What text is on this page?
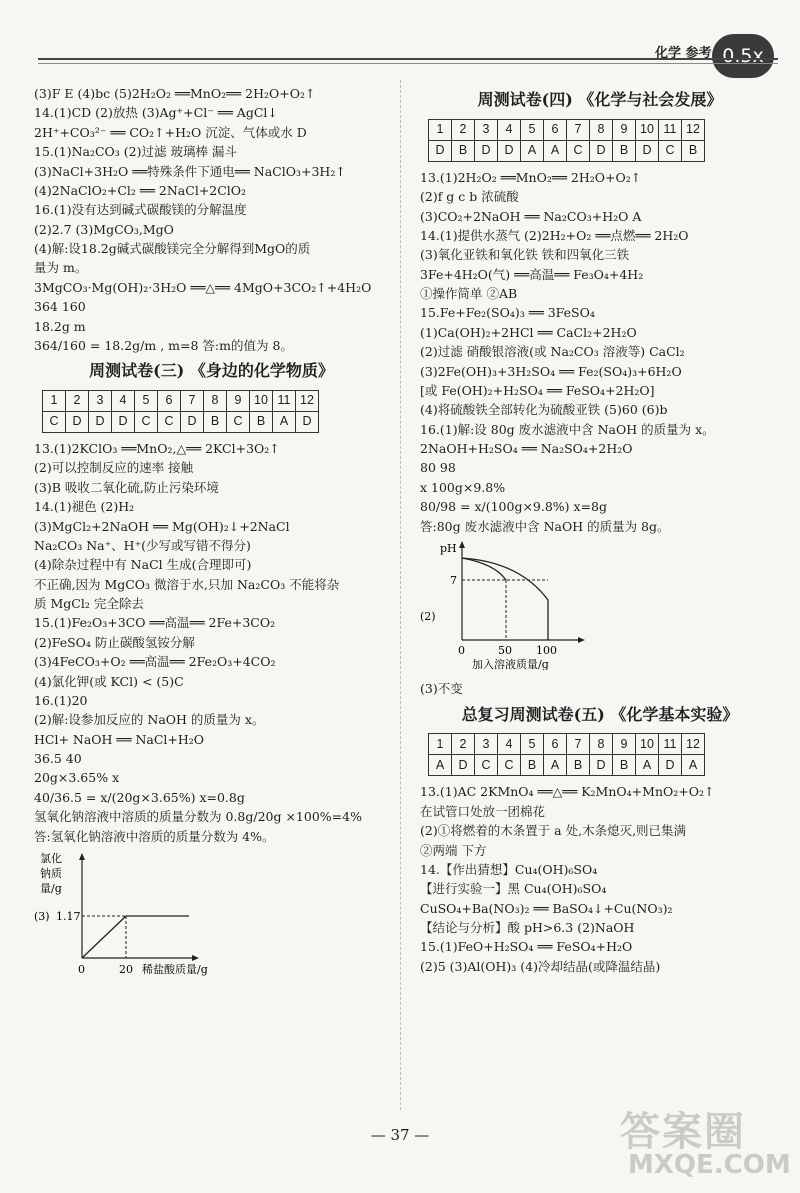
化学 参考 0.5x
(3)F E (4)bc (5)2H₂O₂ ══MnO₂══ 2H₂O+O₂↑
14.(1)CD (2)放热 (3)Ag⁺+Cl⁻ ══ AgCl↓
2H⁺+CO₃²⁻ ══ CO₂↑+H₂O 沉淀、气体或水 D
15.(1)Na₂CO₃ (2)过滤 玻璃棒 漏斗
(3)NaCl+3H₂O ══特殊条件下通电══ NaClO₃+3H₂↑
(4)2NaClO₂+Cl₂ ══ 2NaCl+2ClO₂
16.(1)没有达到碱式碳酸镁的分解温度
(2)2.7 (3)MgCO₃,MgO
(4)解:设18.2g碱式碳酸镁完全分解得到MgO的质
量为 m。
3MgCO₃·Mg(OH)₂·3H₂O ══△══ 4MgO+3CO₂↑+4H₂O
364 160
18.2g m
364/160 = 18.2g/m , m=8 答:m的值为 8。
周测试卷(三) 《身边的化学物质》
1	2	3	4	5	6	7	8	9	10	11	12
C	D	D	D	C	C	D	B	C	B	A	D
13.(1)2KClO₃ ══MnO₂,△══ 2KCl+3O₂↑
(2)可以控制反应的速率 接触
(3)B 吸收二氧化硫,防止污染环境
14.(1)褪色 (2)H₂
(3)MgCl₂+2NaOH ══ Mg(OH)₂↓+2NaCl
Na₂CO₃ Na⁺、H⁺(少写或写错不得分)
(4)除杂过程中有 NaCl 生成(合理即可)
不正确,因为 MgCO₃ 微溶于水,只加 Na₂CO₃ 不能将杂
质 MgCl₂ 完全除去
15.(1)Fe₂O₃+3CO ══高温══ 2Fe+3CO₂
(2)FeSO₄ 防止碳酸氢铵分解
(3)4FeCO₃+O₂ ══高温══ 2Fe₂O₃+4CO₂
(4)氯化钾(或 KCl) < (5)C
16.(1)20
(2)解:设参加反应的 NaOH 的质量为 x。
HCl+ NaOH ══ NaCl+H₂O
36.5 40
20g×3.65% x
40/36.5 = x/(20g×3.65%) x=0.8g
氢氧化钠溶液中溶质的质量分数为 0.8g/20g ×100%=4%
答:氢氧化钠溶液中溶质的质量分数为 4%。
氯化
钠质
量/g
(3) 1.17
0	20 稀盐酸质量/g
周测试卷(四) 《化学与社会发展》
1	2	3	4	5	6	7	8	9	10	11	12
D	B	D	D	A	A	C	D	B	D	C	B
13.(1)2H₂O₂ ══MnO₂══ 2H₂O+O₂↑
(2)f g c b 浓硫酸
(3)CO₂+2NaOH ══ Na₂CO₃+H₂O A
14.(1)提供水蒸气 (2)2H₂+O₂ ══点燃══ 2H₂O
(3)氧化亚铁和氧化铁 铁和四氧化三铁
3Fe+4H₂O(气) ══高温══ Fe₃O₄+4H₂
①操作简单 ②AB
15.Fe+Fe₂(SO₄)₃ ══ 3FeSO₄
(1)Ca(OH)₂+2HCl ══ CaCl₂+2H₂O
(2)过滤 硝酸银溶液(或 Na₂CO₃ 溶液等) CaCl₂
(3)2Fe(OH)₃+3H₂SO₄ ══ Fe₂(SO₄)₃+6H₂O
[或 Fe(OH)₂+H₂SO₄ ══ FeSO₄+2H₂O]
(4)将硫酸铁全部转化为硫酸亚铁 (5)60 (6)b
16.(1)解:设 80g 废水滤液中含 NaOH 的质量为 x。
2NaOH+H₂SO₄ ══ Na₂SO₄+2H₂O
80 98
x 100g×9.8%
80/98 = x/(100g×9.8%) x=8g
答:80g 废水滤液中含 NaOH 的质量为 8g。
pH
(2)
7
0	50 100
加入溶液质量/g
(3)不变
总复习周测试卷(五) 《化学基本实验》
1	2	3	4	5	6	7	8	9	10	11	12
A	D	C	C	B	A	B	D	B	A	D	A
13.(1)AC 2KMnO₄ ══△══ K₂MnO₄+MnO₂+O₂↑
在试管口处放一团棉花
(2)①将燃着的木条置于 a 处,木条熄灭,则已集满
②两端 下方
14.【作出猜想】Cu₄(OH)₆SO₄
【进行实验一】黑 Cu₄(OH)₆SO₄
CuSO₄+Ba(NO₃)₂ ══ BaSO₄↓+Cu(NO₃)₂
【结论与分析】酸 pH>6.3 (2)NaOH
15.(1)FeO+H₂SO₄ ══ FeSO₄+H₂O
(2)5 (3)Al(OH)₃ (4)冷却结晶(或降温结晶)
— 37 —	答案圈
MXQE.COM
